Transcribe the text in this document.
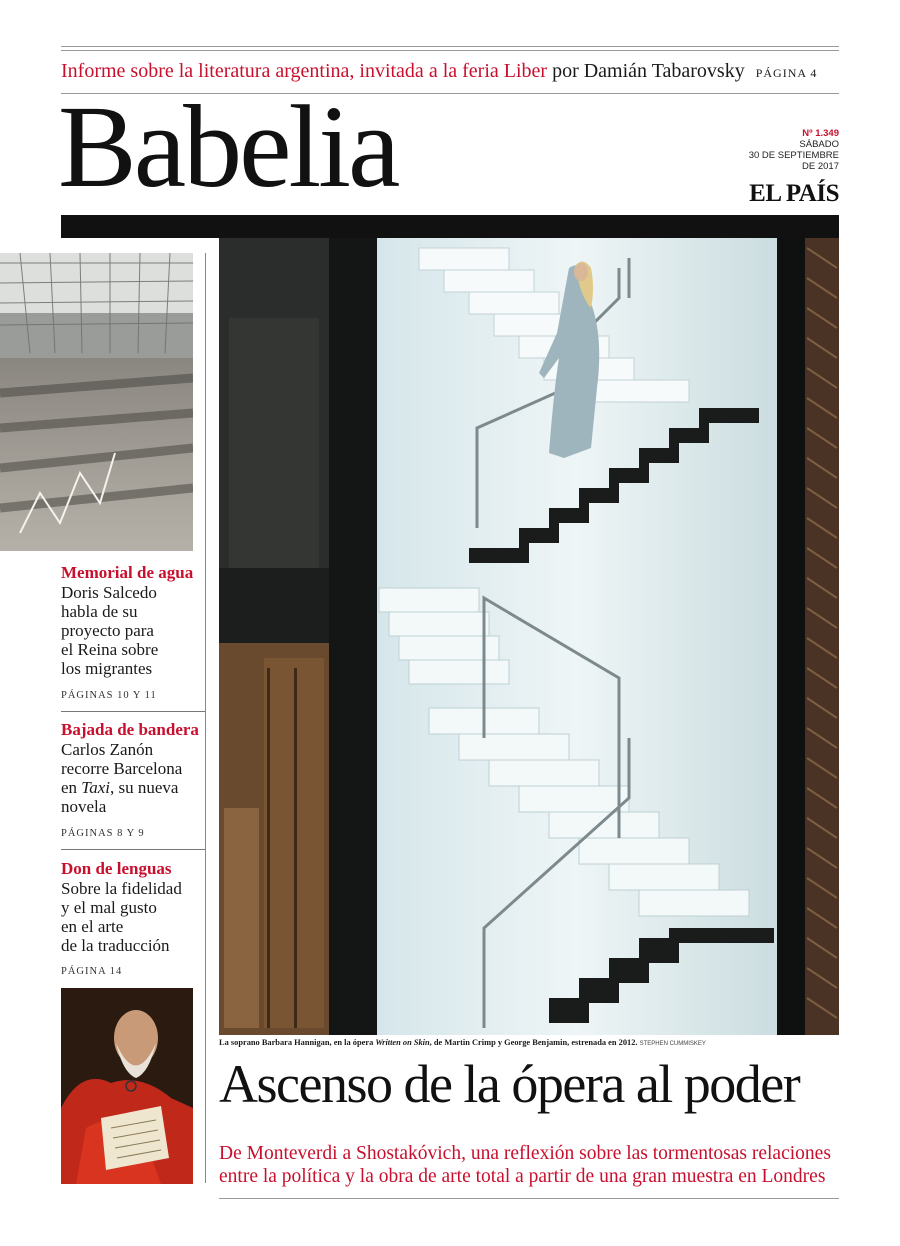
Informe sobre la literatura argentina, invitada a la feria Liber por Damián Tabarovsky PÁGINA 4
Babelia	Nº 1.349
SÁBADO
30 DE SEPTIEMBRE
DE 2017
EL PAÍS
Memorial de agua

Doris Salcedo

habla de su

proyecto para

el Reina sobre

los migrantes

PÁGINAS 10 Y 11
Bajada de bandera

Carlos Zanón

recorre Barcelona

en Taxi, su nueva

novela

PÁGINAS 8 Y 9
Don de lenguas

Sobre la fidelidad

y el mal gusto

en el arte

de la traducción

PÁGINA 14
La soprano Barbara Hannigan, en la ópera Written on Skin, de Martin Crimp y George Benjamin, estrenada en 2012. STEPHEN CUMMISKEY
Ascenso de la ópera al poder
De Monteverdi a Shostakóvich, una reflexión sobre las tormentosas relaciones
entre la política y la obra de arte total a partir de una gran muestra en Londres
